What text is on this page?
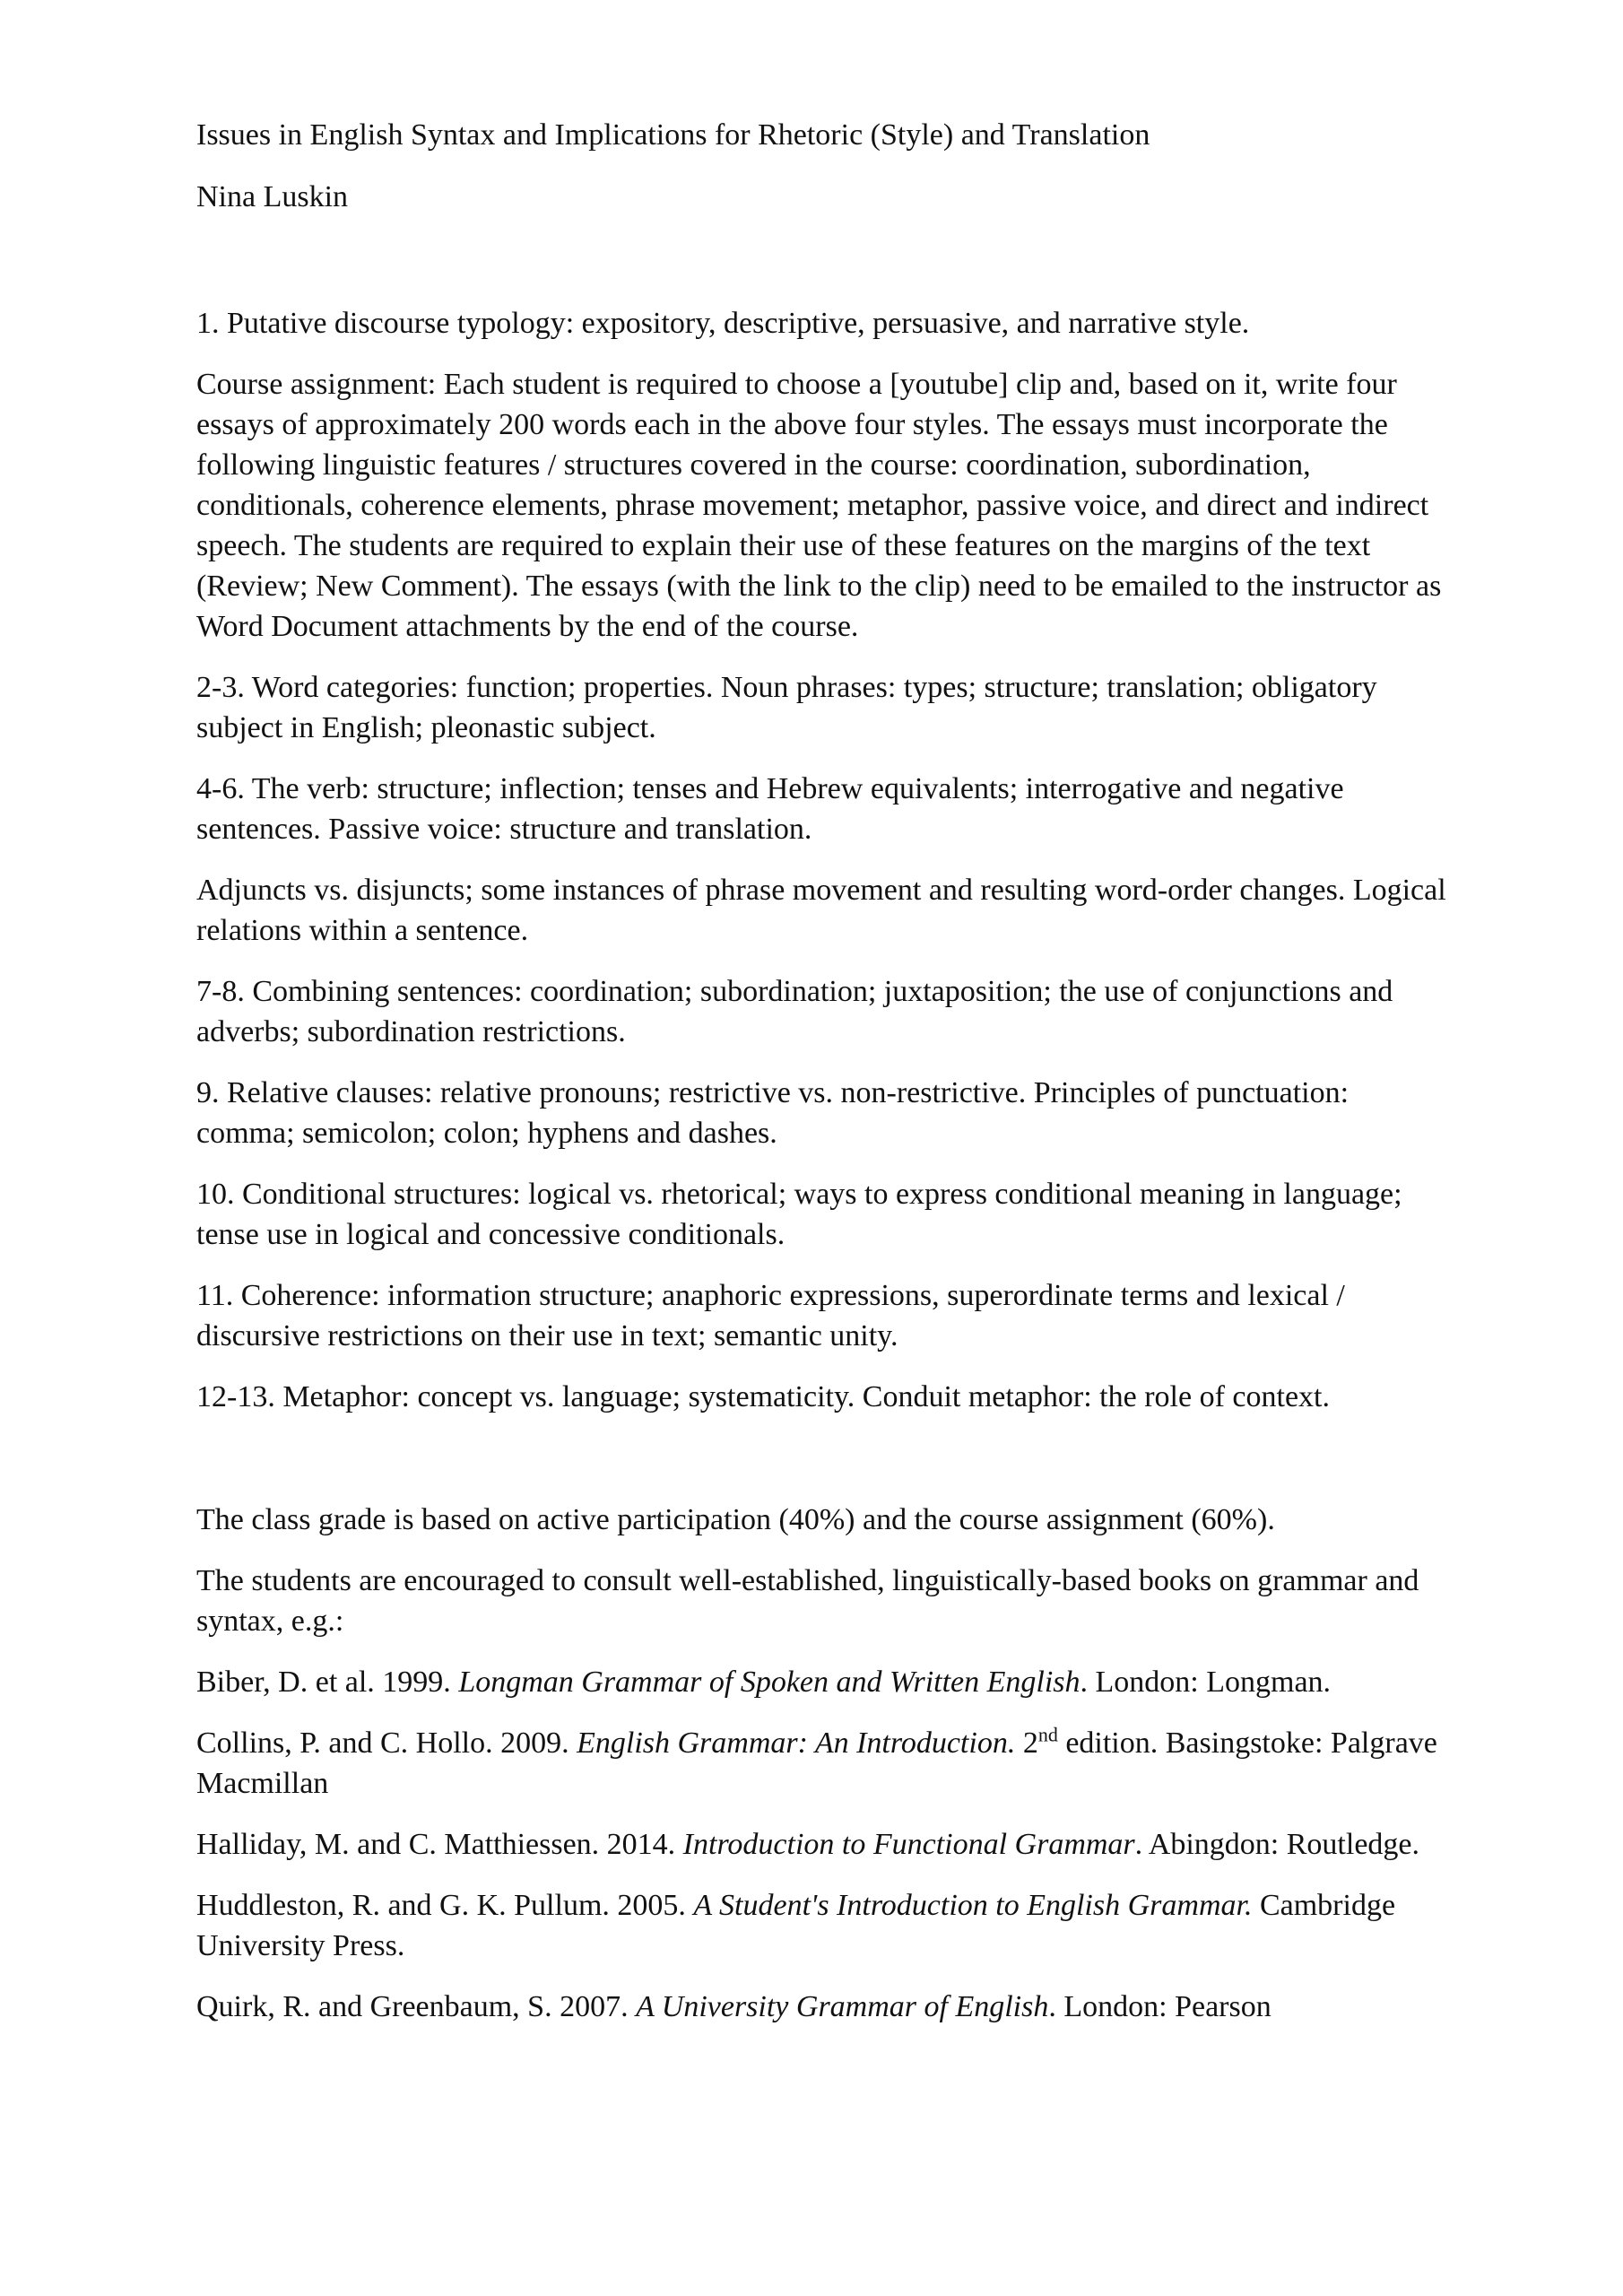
Issues in English Syntax and Implications for Rhetoric (Style) and Translation

Nina Luskin

1. Putative discourse typology: expository, descriptive, persuasive, and narrative style.

Course assignment: Each student is required to choose a [youtube] clip and, based on it, write four essays of approximately 200 words each in the above four styles. The essays must incorporate the following linguistic features / structures covered in the course: coordination, subordination, conditionals, coherence elements, phrase movement; metaphor, passive voice, and direct and indirect speech. The students are required to explain their use of these features on the margins of the text (Review; New Comment). The essays (with the link to the clip) need to be emailed to the instructor as Word Document attachments by the end of the course.

2-3. Word categories: function; properties. Noun phrases: types; structure; translation; obligatory subject in English; pleonastic subject.

4-6. The verb: structure; inflection; tenses and Hebrew equivalents; interrogative and negative sentences. Passive voice: structure and translation.

Adjuncts vs. disjuncts; some instances of phrase movement and resulting word-order changes. Logical relations within a sentence.

7-8. Combining sentences: coordination; subordination; juxtaposition; the use of conjunctions and adverbs; subordination restrictions.

9. Relative clauses: relative pronouns; restrictive vs. non-restrictive. Principles of punctuation: comma; semicolon; colon; hyphens and dashes.

10. Conditional structures: logical vs. rhetorical; ways to express conditional meaning in language; tense use in logical and concessive conditionals.

11. Coherence: information structure; anaphoric expressions, superordinate terms and lexical / discursive restrictions on their use in text; semantic unity.

12-13. Metaphor: concept vs. language; systematicity. Conduit metaphor: the role of context.

The class grade is based on active participation (40%) and the course assignment (60%).

The students are encouraged to consult well-established, linguistically-based books on grammar and syntax, e.g.:

Biber, D. et al. 1999. Longman Grammar of Spoken and Written English. London: Longman.

Collins, P. and C. Hollo. 2009. English Grammar: An Introduction. 2nd edition. Basingstoke: Palgrave Macmillan

Halliday, M. and C. Matthiessen. 2014. Introduction to Functional Grammar. Abingdon: Routledge.

Huddleston, R. and G. K. Pullum. 2005. A Student's Introduction to English Grammar. Cambridge University Press.

Quirk, R. and Greenbaum, S. 2007. A University Grammar of English. London: Pearson
